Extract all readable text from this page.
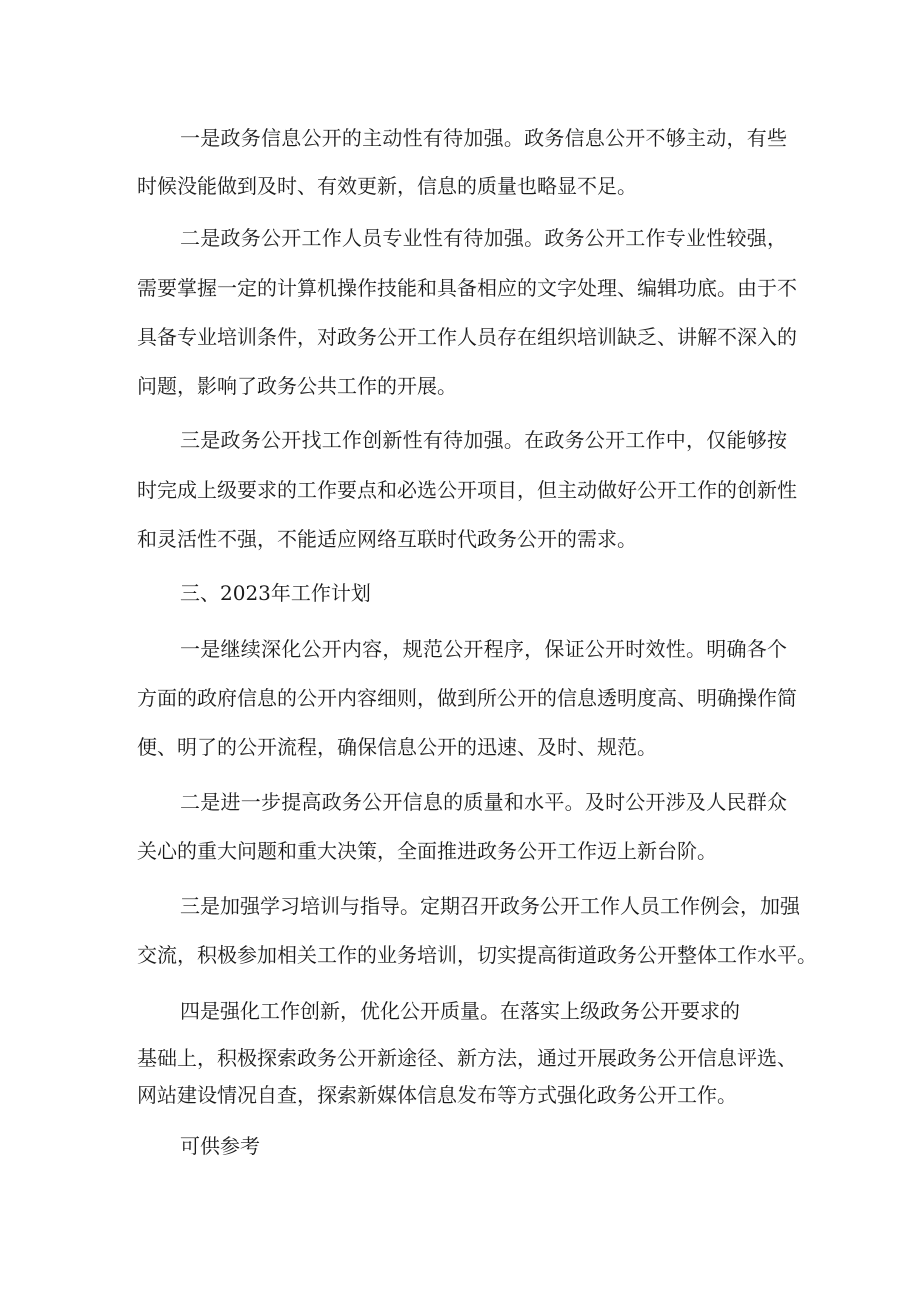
一是政务信息公开的主动性有待加强。政务信息公开不够主动，有些
时候没能做到及时、有效更新，信息的质量也略显不足。
二是政务公开工作人员专业性有待加强。政务公开工作专业性较强，
需要掌握一定的计算机操作技能和具备相应的文字处理、编辑功底。由于不
具备专业培训条件，对政务公开工作人员存在组织培训缺乏、讲解不深入的
问题，影响了政务公共工作的开展。
三是政务公开找工作创新性有待加强。在政务公开工作中，仅能够按
时完成上级要求的工作要点和必选公开项目，但主动做好公开工作的创新性
和灵活性不强，不能适应网络互联时代政务公开的需求。
三、2023年工作计划
一是继续深化公开内容，规范公开程序，保证公开时效性。明确各个
方面的政府信息的公开内容细则，做到所公开的信息透明度高、明确操作简
便、明了的公开流程，确保信息公开的迅速、及时、规范。
二是进一步提高政务公开信息的质量和水平。及时公开涉及人民群众
关心的重大问题和重大决策，全面推进政务公开工作迈上新台阶。
三是加强学习培训与指导。定期召开政务公开工作人员工作例会，加强
交流，积极参加相关工作的业务培训，切实提高街道政务公开整体工作水平。
四是强化工作创新，优化公开质量。在落实上级政务公开要求的
基础上，积极探索政务公开新途径、新方法，通过开展政务公开信息评选、
网站建设情况自查，探索新媒体信息发布等方式强化政务公开工作。
可供参考
